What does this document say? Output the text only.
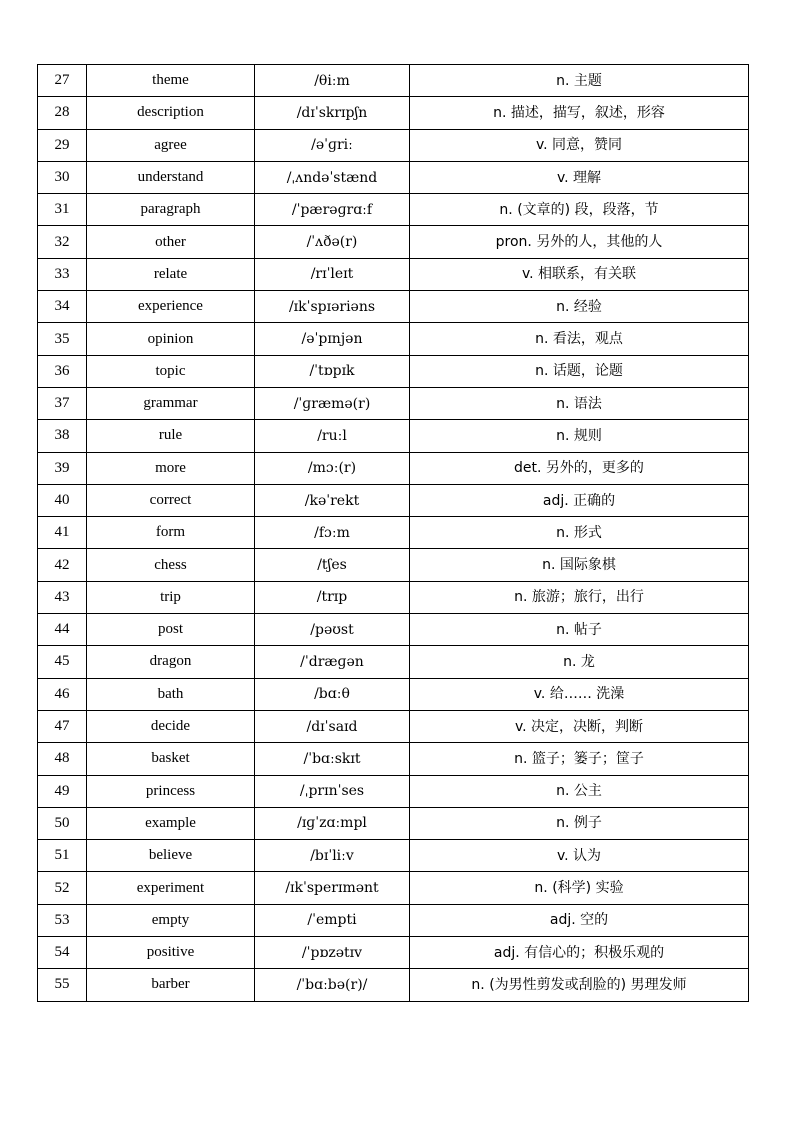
27	theme	/θiːm	n. 主题
28	description	/dɪˈskrɪpʃn	n. 描述，描写，叙述，形容
29	agree	/əˈɡriː	v. 同意，赞同
30	understand	/ˌʌndəˈstænd	v. 理解
31	paragraph	/ˈpærəɡrɑːf	n. (文章的) 段，段落，节
32	other	/ˈʌðə(r)	pron. 另外的人，其他的人
33	relate	/rɪˈleɪt	v. 相联系，有关联
34	experience	/ɪkˈspɪəriəns	n. 经验
35	opinion	/əˈpɪnjən	n. 看法，观点
36	topic	/ˈtɒpɪk	n. 话题，论题
37	grammar	/ˈɡræmə(r)	n. 语法
38	rule	/ruːl	n. 规则
39	more	/mɔː(r)	det. 另外的，更多的
40	correct	/kəˈrekt	adj. 正确的
41	form	/fɔːm	n. 形式
42	chess	/tʃes	n. 国际象棋
43	trip	/trɪp	n. 旅游；旅行，出行
44	post	/pəʊst	n. 帖子
45	dragon	/ˈdræɡən	n. 龙
46	bath	/bɑːθ	v. 给…… 洗澡
47	decide	/dɪˈsaɪd	v. 决定，决断，判断
48	basket	/ˈbɑːskɪt	n. 篮子；篓子；筐子
49	princess	/ˌprɪnˈses	n. 公主
50	example	/ɪɡˈzɑːmpl	n. 例子
51	believe	/bɪˈliːv	v. 认为
52	experiment	/ɪkˈsperɪmənt	n. (科学) 实验
53	empty	/ˈempti	adj. 空的
54	positive	/ˈpɒzətɪv	adj. 有信心的；积极乐观的
55	barber	/ˈbɑːbə(r)/	n. (为男性剪发或刮脸的) 男理发师
